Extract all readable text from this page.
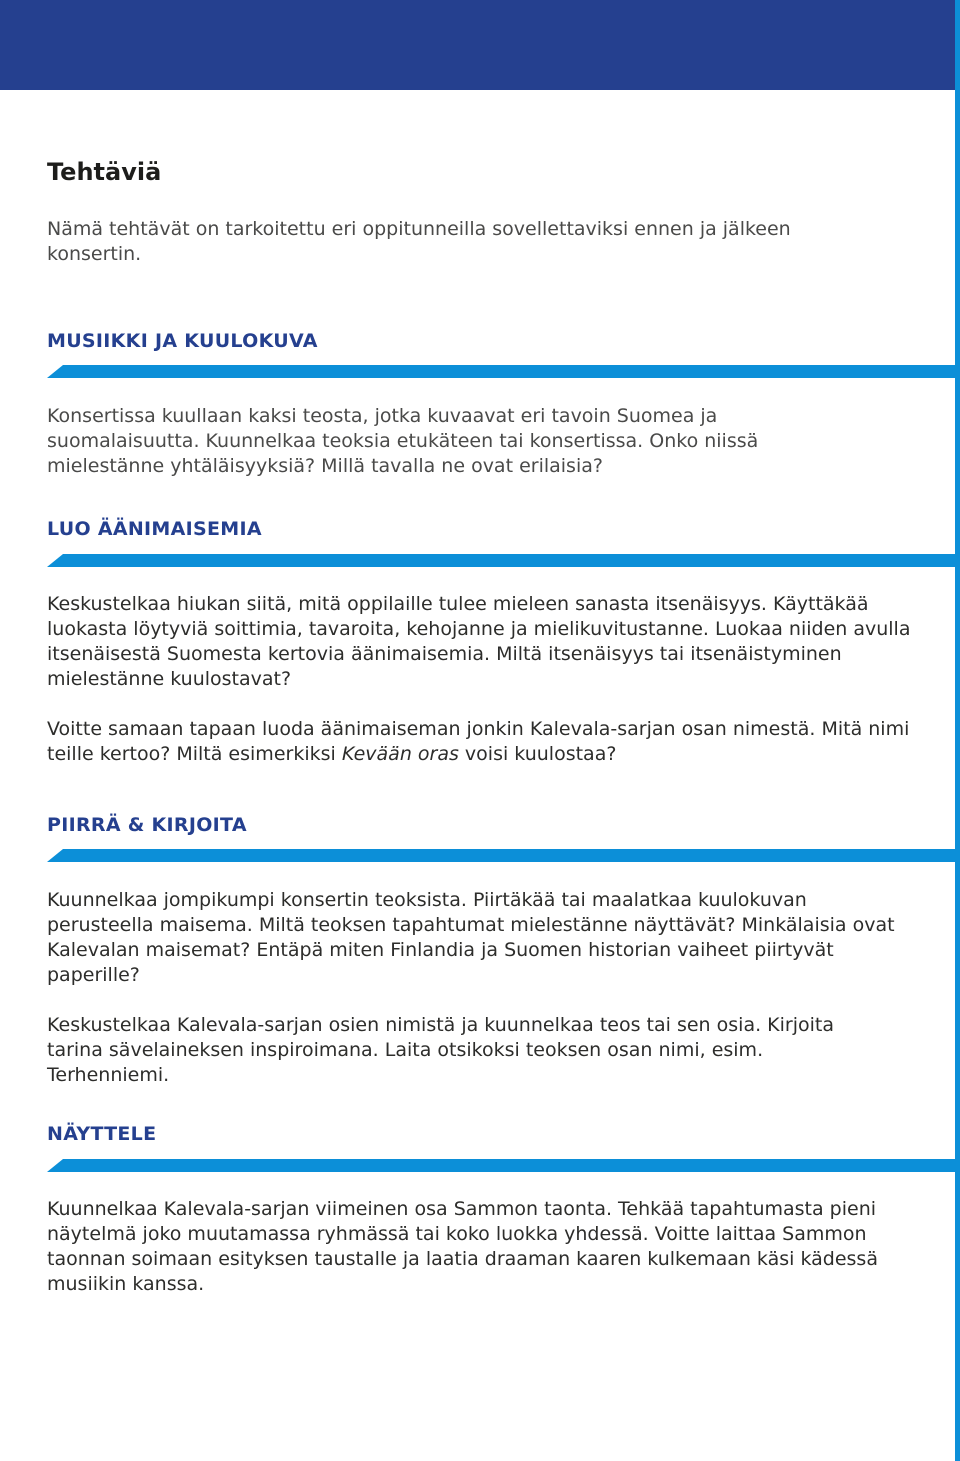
Tehtäviä

Nämä tehtävät on tarkoitettu eri oppitunneilla sovellettaviksi ennen ja jälkeen konsertin.

MUSIIKKI JA KUULOKUVA

Konsertissa kuullaan kaksi teosta, jotka kuvaavat eri tavoin Suomea ja suomalaisuutta. Kuunnelkaa teoksia etukäteen tai konsertissa. Onko niissä mielestänne yhtäläisyyksiä? Millä tavalla ne ovat erilaisia?

LUO ÄÄNIMAISEMIA

Keskustelkaa hiukan siitä, mitä oppilaille tulee mieleen sanasta itsenäisyys. Käyttäkää luokasta löytyviä soittimia, tavaroita, kehojanne ja mielikuvitustanne. Luokaa niiden avulla itsenäisestä Suomesta kertovia äänimaisemia. Miltä itsenäisyys tai itsenäistyminen mielestänne kuulostavat?

Voitte samaan tapaan luoda äänimaiseman jonkin Kalevala-sarjan osan nimestä. Mitä nimi teille kertoo? Miltä esimerkiksi Kevään oras voisi kuulostaa?

PIIRRÄ & KIRJOITA

Kuunnelkaa jompikumpi konsertin teoksista. Piirtäkää tai maalatkaa kuulokuvan perusteella maisema. Miltä teoksen tapahtumat mielestänne näyttävät? Minkälaisia ovat Kalevalan maisemat? Entäpä miten Finlandia ja Suomen historian vaiheet piirtyvät paperille?

Keskustelkaa Kalevala-sarjan osien nimistä ja kuunnelkaa teos tai sen osia. Kirjoita tarina sävelaineksen inspiroimana. Laita otsikoksi teoksen osan nimi, esim. Terhenniemi.

NÄYTTELE

Kuunnelkaa Kalevala-sarjan viimeinen osa Sammon taonta. Tehkää tapahtumasta pieni näytelmä joko muutamassa ryhmässä tai koko luokka yhdessä. Voitte laittaa Sammon taonnan soimaan esityksen taustalle ja laatia draaman kaaren kulkemaan käsi kädessä musiikin kanssa.
